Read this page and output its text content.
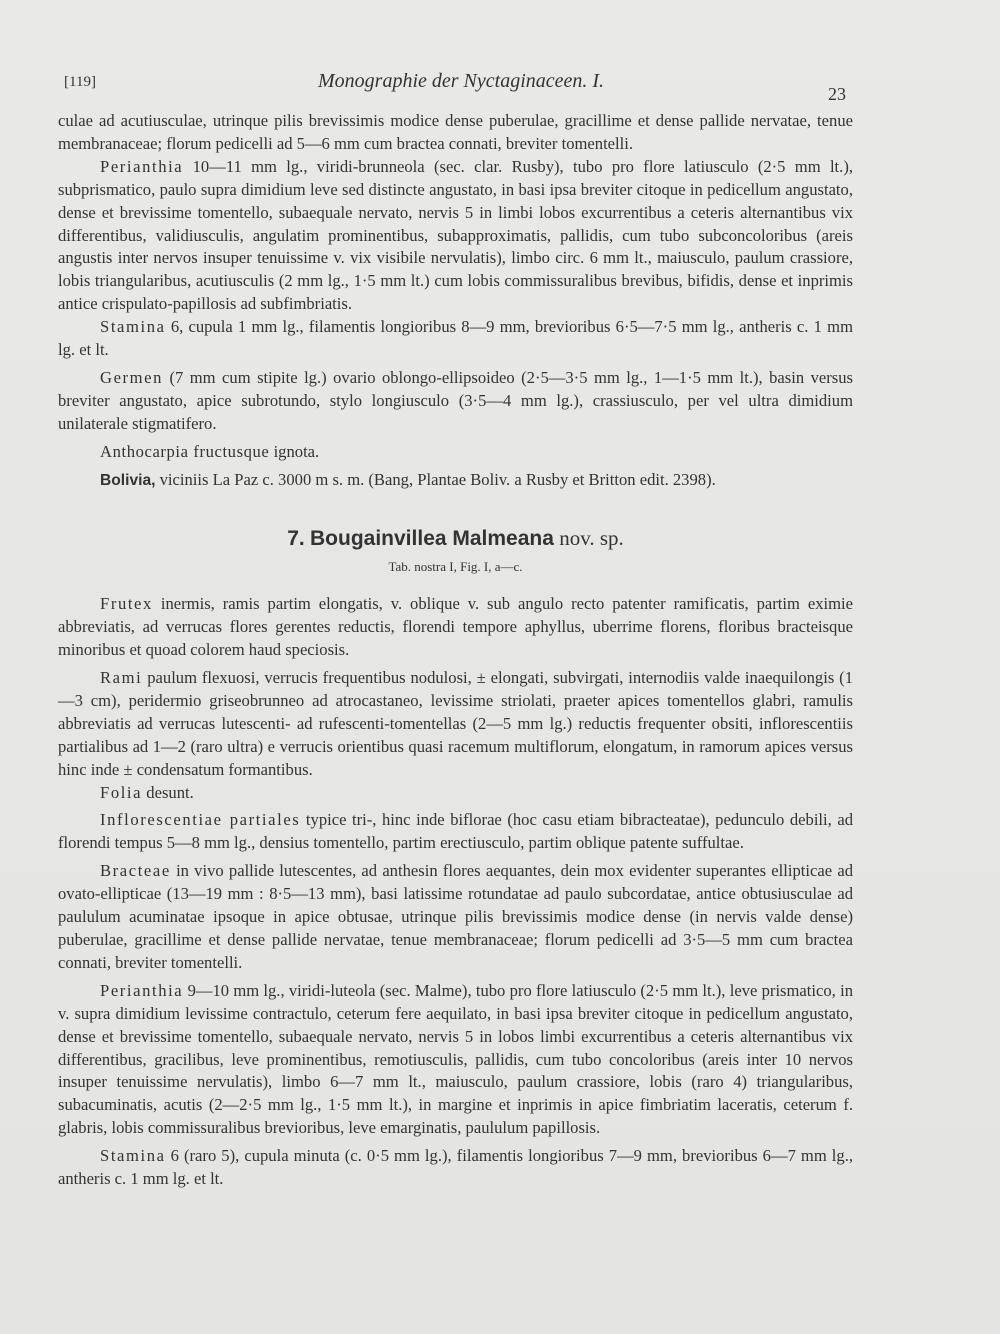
[119]	Monographie der Nyctaginaceen. I.
23

culae ad acutiusculae, utrinque pilis brevissimis modice dense puberulae, gracillime et dense pallide nervatae, tenue membranaceae; florum pedicelli ad 5—6 mm cum bractea connati, breviter tomentelli.

Perianthia 10—11 mm lg., viridi-brunneola (sec. clar. Rusby), tubo pro flore latiusculo (2·5 mm lt.), subprismatico, paulo supra dimidium leve sed distincte angustato, in basi ipsa breviter citoque in pedicellum angustato, dense et brevissime tomentello, subaequale nervato, nervis 5 in limbi lobos excurrentibus a ceteris alternantibus vix differentibus, validiusculis, angulatim prominentibus, subapproximatis, pallidis, cum tubo subconcoloribus (areis angustis inter nervos insuper tenuissime v. vix visibile nervulatis), limbo circ. 6 mm lt., maiusculo, paulum crassiore, lobis triangularibus, acutiusculis (2 mm lg., 1·5 mm lt.) cum lobis commissuralibus brevibus, bifidis, dense et inprimis antice crispulato-papillosis ad subfimbriatis.

Stamina 6, cupula 1 mm lg., filamentis longioribus 8—9 mm, brevioribus 6·5—7·5 mm lg., antheris c. 1 mm lg. et lt.

Germen (7 mm cum stipite lg.) ovario oblongo-ellipsoideo (2·5—3·5 mm lg., 1—1·5 mm lt.), basin versus breviter angustato, apice subrotundo, stylo longiusculo (3·5—4 mm lg.), crassiusculo, per vel ultra dimidium unilaterale stigmatifero.

Anthocarpia fructusque ignota.

Bolivia, viciniis La Paz c. 3000 m s. m. (Bang, Plantae Boliv. a Rusby et Britton edit. 2398).

7. Bougainvillea Malmeana nov. sp.
Tab. nostra I, Fig. I, a—c.

Frutex inermis, ramis partim elongatis, v. oblique v. sub angulo recto patenter ramificatis, partim eximie abbreviatis, ad verrucas flores gerentes reductis, florendi tempore aphyllus, uberrime florens, floribus bracteisque minoribus et quoad colorem haud speciosis.

Rami paulum flexuosi, verrucis frequentibus nodulosi, ± elongati, subvirgati, internodiis valde inaequilongis (1—3 cm), peridermio griseobrunneo ad atrocastaneo, levissime striolati, praeter apices tomentellos glabri, ramulis abbreviatis ad verrucas lutescenti- ad rufescenti-tomentellas (2—5 mm lg.) reductis frequenter obsiti, inflorescentiis partialibus ad 1—2 (raro ultra) e verrucis orientibus quasi racemum multiflorum, elongatum, in ramorum apices versus hinc inde ± condensatum formantibus.

Folia desunt.

Inflorescentiae partiales typice tri-, hinc inde biflorae (hoc casu etiam bibracteatae), pedunculo debili, ad florendi tempus 5—8 mm lg., densius tomentello, partim erectiusculo, partim oblique patente suffultae.

Bracteae in vivo pallide lutescentes, ad anthesin flores aequantes, dein mox evidenter superantes ellipticae ad ovato-ellipticae (13—19 mm : 8·5—13 mm), basi latissime rotundatae ad paulo subcordatae, antice obtusiusculae ad paululum acuminatae ipsoque in apice obtusae, utrinque pilis brevissimis modice dense (in nervis valde dense) puberulae, gracillime et dense pallide nervatae, tenue membranaceae; florum pedicelli ad 3·5—5 mm cum bractea connati, breviter tomentelli.

Perianthia 9—10 mm lg., viridi-luteola (sec. Malme), tubo pro flore latiusculo (2·5 mm lt.), leve prismatico, in v. supra dimidium levissime contractulo, ceterum fere aequilato, in basi ipsa breviter citoque in pedicellum angustato, dense et brevissime tomentello, subaequale nervato, nervis 5 in lobos limbi excurrentibus a ceteris alternantibus vix differentibus, gracilibus, leve prominentibus, remotiusculis, pallidis, cum tubo concoloribus (areis inter 10 nervos insuper tenuissime nervulatis), limbo 6—7 mm lt., maiusculo, paulum crassiore, lobis (raro 4) triangularibus, subacuminatis, acutis (2—2·5 mm lg., 1·5 mm lt.), in margine et inprimis in apice fimbriatim laceratis, ceterum f. glabris, lobis commissuralibus brevioribus, leve emarginatis, paululum papillosis.

Stamina 6 (raro 5), cupula minuta (c. 0·5 mm lg.), filamentis longioribus 7—9 mm, brevioribus 6—7 mm lg., antheris c. 1 mm lg. et lt.
